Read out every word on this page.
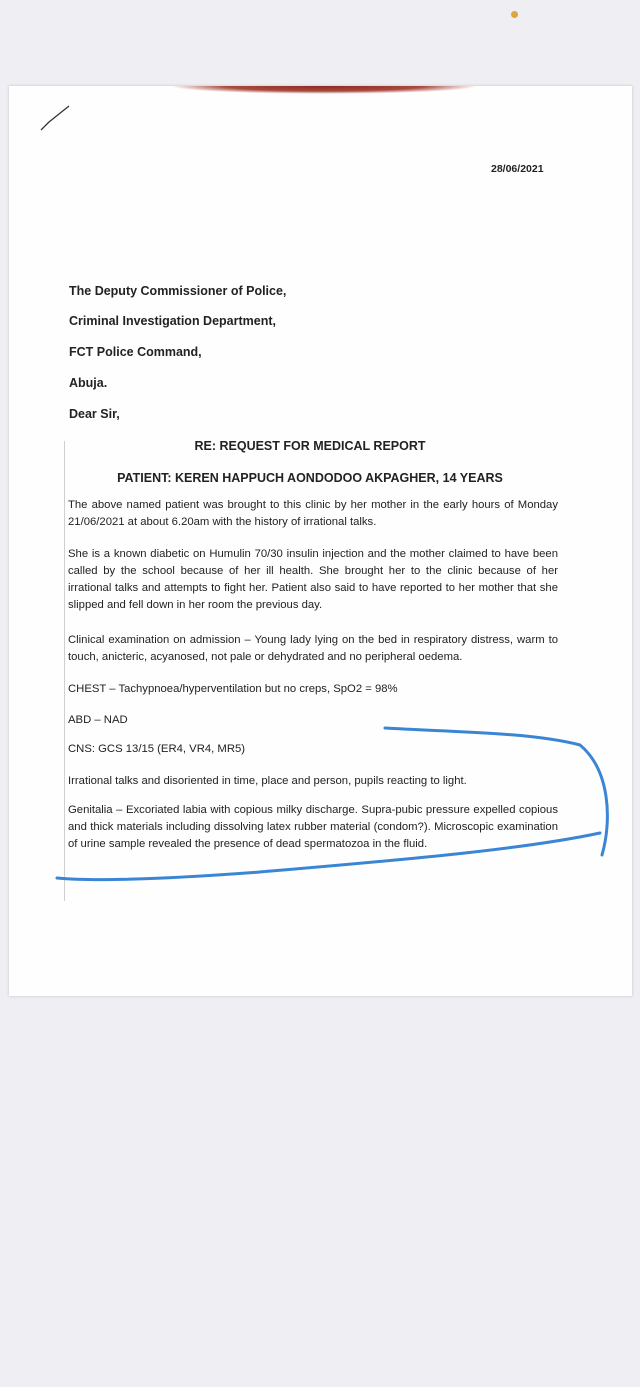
28/06/2021
The Deputy Commissioner of Police,
Criminal Investigation Department,
FCT Police Command,
Abuja.
Dear Sir,
RE: REQUEST FOR MEDICAL REPORT
PATIENT: KEREN HAPPUCH AONDODOO AKPAGHER, 14 YEARS
The above named patient was brought to this clinic by her mother in the early hours of Monday 21/06/2021 at about 6.20am with the history of irrational talks.
She is a known diabetic on Humulin 70/30 insulin injection and the mother claimed to have been called by the school because of her ill health. She brought her to the clinic because of her irrational talks and attempts to fight her. Patient also said to have reported to her mother that she slipped and fell down in her room the previous day.
Clinical examination on admission – Young lady lying on the bed in respiratory distress, warm to touch, anicteric, acyanosed, not pale or dehydrated and no peripheral oedema.
CHEST – Tachypnoea/hyperventilation but no creps, SpO2 = 98%
ABD – NAD
CNS: GCS 13/15 (ER4, VR4, MR5)
Irrational talks and disoriented in time, place and person, pupils reacting to light.
Genitalia – Excoriated labia with copious milky discharge. Supra-pubic pressure expelled copious and thick materials including dissolving latex rubber material (condom?). Microscopic examination of urine sample revealed the presence of dead spermatozoa in the fluid.
